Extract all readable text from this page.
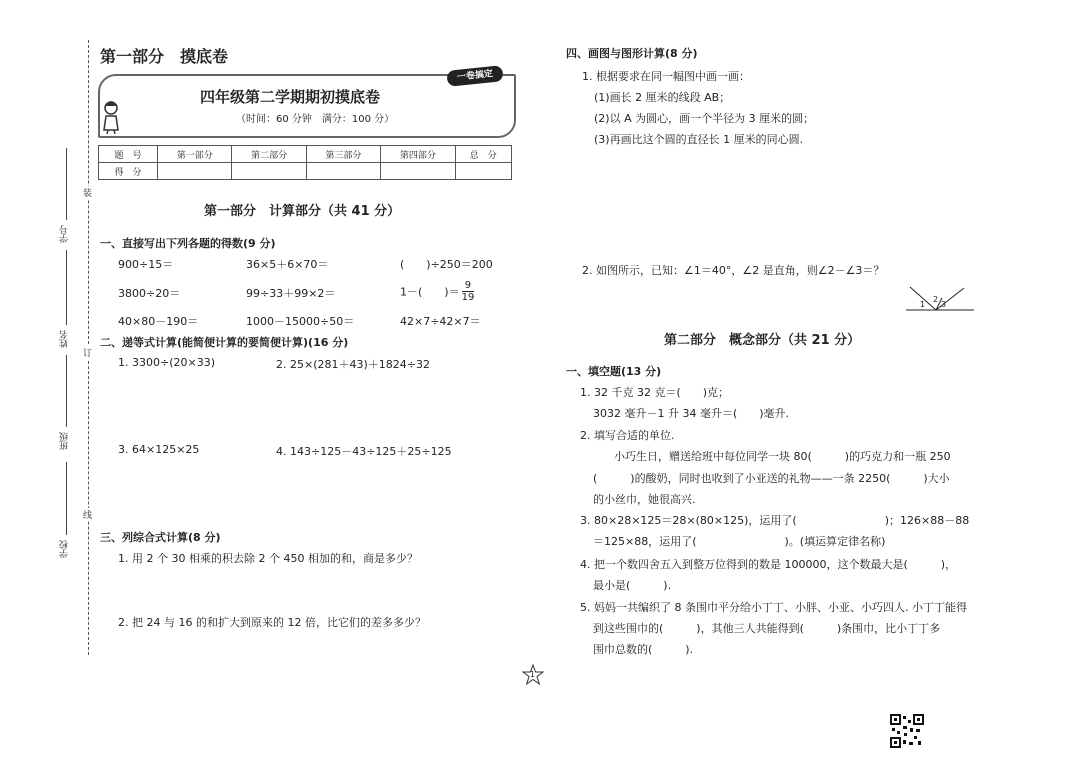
学号
姓名
班级
学校
装
订
线
第一部分　摸底卷
一卷搞定
四年级第二学期期初摸底卷
（时间：60 分钟　满分：100 分）
题　号	第一部分	第二部分	第三部分	第四部分	总　分
得　分					
第一部分　计算部分（共 41 分）
一、直接写出下列各题的得数(9 分)
900÷15＝	36×5＋6×70＝	(　　)÷250＝200
3800÷20＝	99÷33＋99×2＝	1－(　　)＝ $\frac{9}{19}$
40×80－190＝	1000－15000÷50＝	42×7÷42×7＝
二、递等式计算(能简便计算的要简便计算)(16 分)
1. 3300÷(20×33)	2. 25×(281＋43)＋1824÷32
3. 64×125×25	4. 143÷125－43÷125＋25÷125
三、列综合式计算(8 分)
1. 用 2 个 30 相乘的积去除 2 个 450 相加的和，商是多少？
2. 把 24 与 16 的和扩大到原来的 12 倍，比它们的差多多少？
四、画图与图形计算(8 分)
1. 根据要求在同一幅图中画一画：
(1)画长 2 厘米的线段 AB；
(2)以 A 为圆心，画一个半径为 3 厘米的圆；
(3)再画比这个圆的直径长 1 厘米的同心圆.
2. 如图所示，已知：∠1＝40°，∠2 是直角，则∠2－∠3＝？
1
2
3
第二部分　概念部分（共 21 分）
一、填空题(13 分)
1. 32 千克 32 克＝(　　)克；
3032 毫升－1 升 34 毫升＝(　　)毫升.
2. 填写合适的单位.
小巧生日，赠送给班中每位同学一块 80(　　　)的巧克力和一瓶 250
(　　　)的酸奶，同时也收到了小亚送的礼物——一条 2250(　　　)大小
的小丝巾，她很高兴.
3. 80×28×125＝28×(80×125)，运用了(　　　　　　　　)；126×88－88
＝125×88，运用了(　　　　　　　　)。(填运算定律名称)
4. 把一个数四舍五入到整万位得到的数是 100000，这个数最大是(　　　)，
最小是(　　　).
5. 妈妈一共编织了 8 条围巾平分给小丁丁、小胖、小亚、小巧四人. 小丁丁能得
到这些围巾的(　　　)，其他三人共能得到(　　　)条围巾，比小丁丁多
围巾总数的(　　　).
1
